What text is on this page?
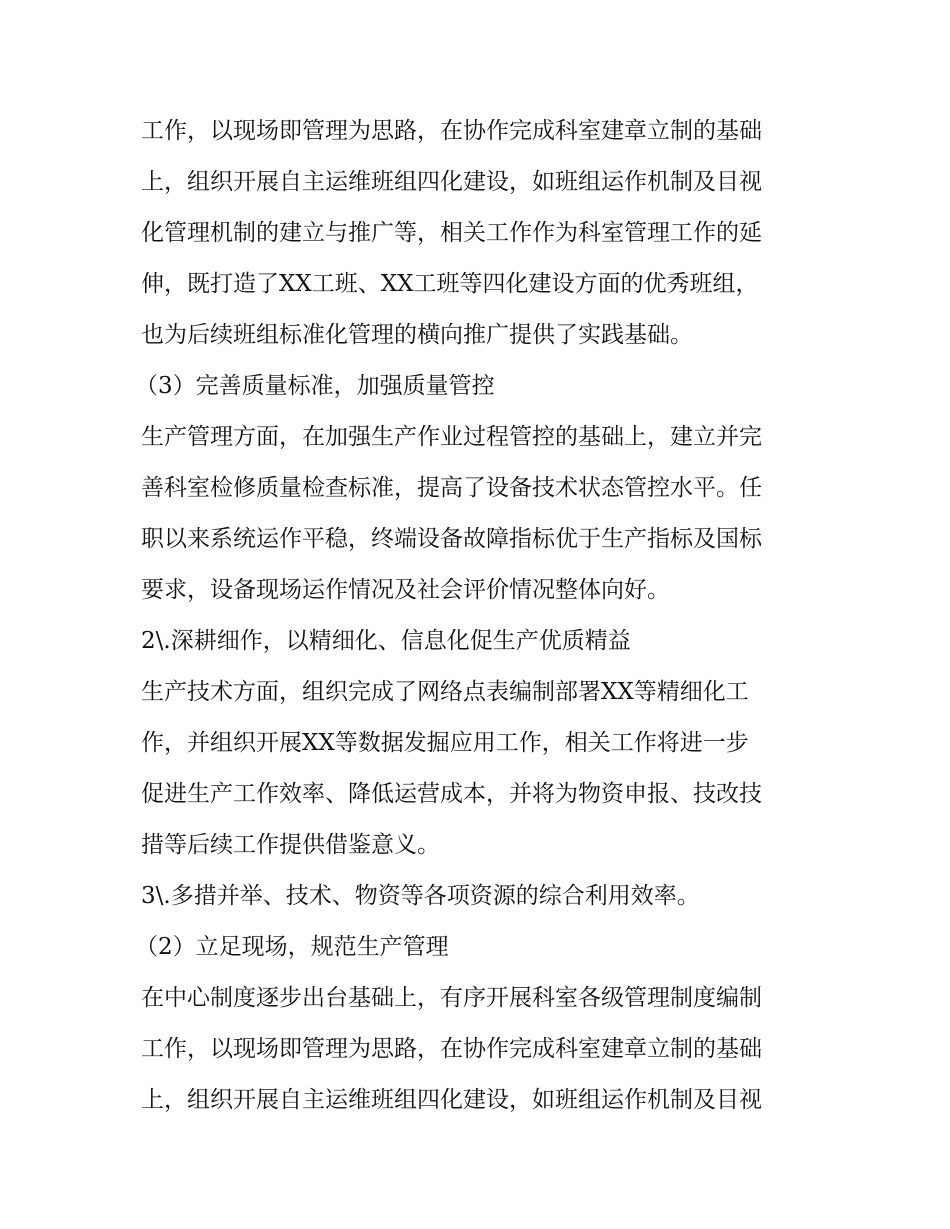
工作，以现场即管理为思路，在协作完成科室建章立制的基础
上，组织开展自主运维班组四化建设，如班组运作机制及目视
化管理机制的建立与推广等，相关工作作为科室管理工作的延
伸，既打造了XX工班、XX工班等四化建设方面的优秀班组，
也为后续班组标准化管理的横向推广提供了实践基础。
（3）完善质量标准，加强质量管控
生产管理方面，在加强生产作业过程管控的基础上，建立并完
善科室检修质量检查标准，提高了设备技术状态管控水平。任
职以来系统运作平稳，终端设备故障指标优于生产指标及国标
要求，设备现场运作情况及社会评价情况整体向好。
2\.深耕细作，以精细化、信息化促生产优质精益
生产技术方面，组织完成了网络点表编制部署XX等精细化工
作，并组织开展XX等数据发掘应用工作，相关工作将进一步
促进生产工作效率、降低运营成本，并将为物资申报、技改技
措等后续工作提供借鉴意义。
3\.多措并举、技术、物资等各项资源的综合利用效率。
（2）立足现场，规范生产管理
在中心制度逐步出台基础上，有序开展科室各级管理制度编制
工作，以现场即管理为思路，在协作完成科室建章立制的基础
上，组织开展自主运维班组四化建设，如班组运作机制及目视
